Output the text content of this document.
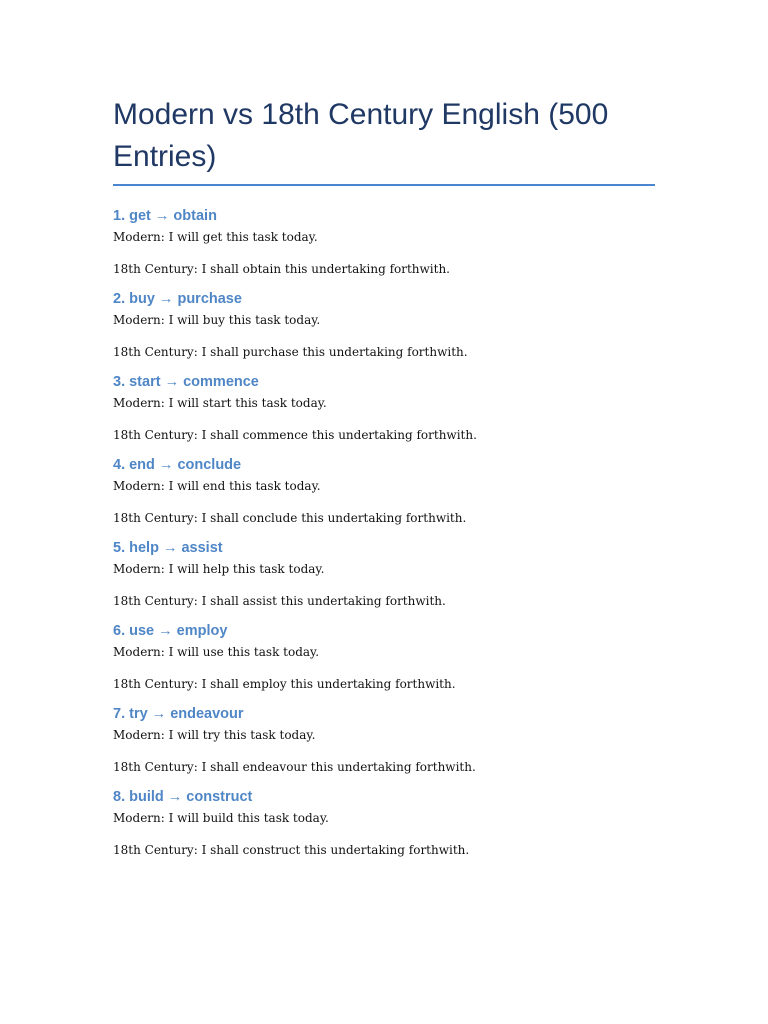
Modern vs 18th Century English (500 Entries)

1. get → obtain

Modern: I will get this task today.

18th Century: I shall obtain this undertaking forthwith.

2. buy → purchase

Modern: I will buy this task today.

18th Century: I shall purchase this undertaking forthwith.

3. start → commence

Modern: I will start this task today.

18th Century: I shall commence this undertaking forthwith.

4. end → conclude

Modern: I will end this task today.

18th Century: I shall conclude this undertaking forthwith.

5. help → assist

Modern: I will help this task today.

18th Century: I shall assist this undertaking forthwith.

6. use → employ

Modern: I will use this task today.

18th Century: I shall employ this undertaking forthwith.

7. try → endeavour

Modern: I will try this task today.

18th Century: I shall endeavour this undertaking forthwith.

8. build → construct

Modern: I will build this task today.

18th Century: I shall construct this undertaking forthwith.
